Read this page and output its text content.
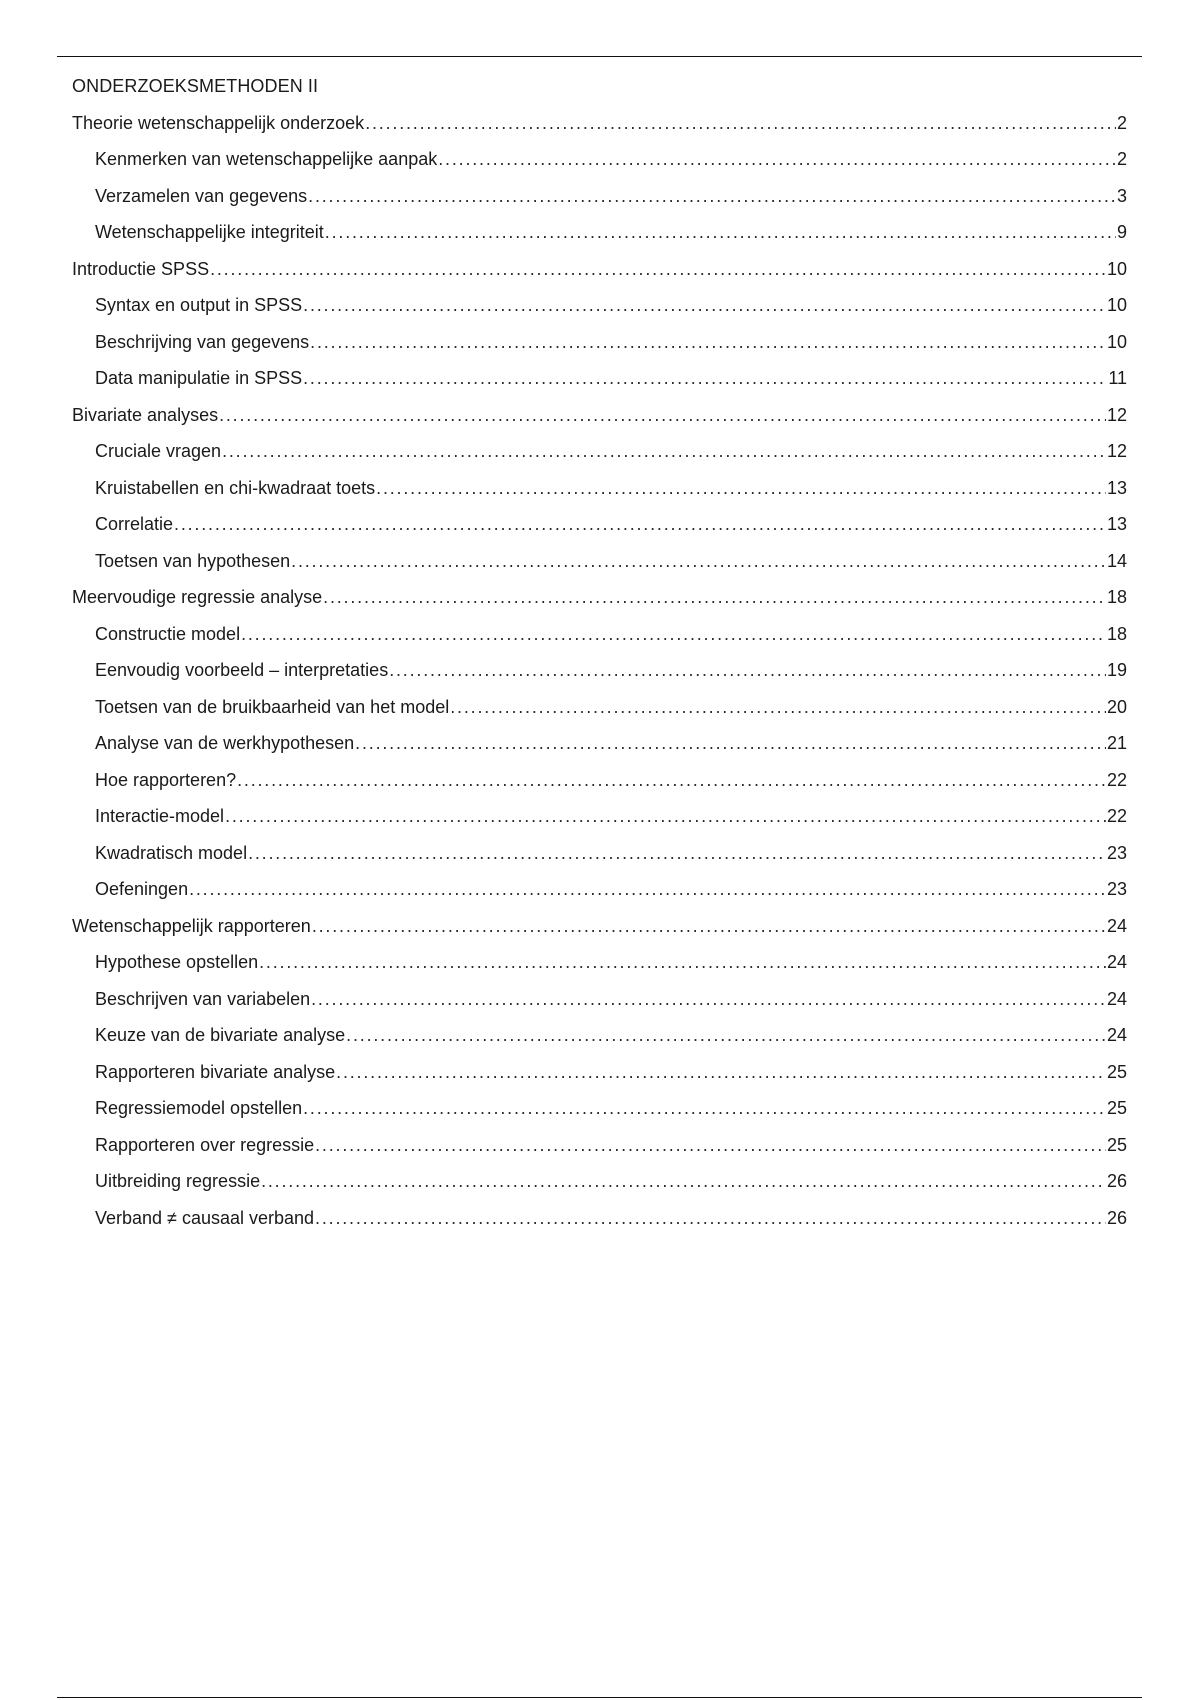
ONDERZOEKSMETHODEN II
Theorie wetenschappelijk onderzoek .....	2
Kenmerken van wetenschappelijke aanpak .....	2
Verzamelen van gegevens .....	3
Wetenschappelijke integriteit .....	9
Introductie SPSS .....	10
Syntax en output in SPSS .....	10
Beschrijving van gegevens .....	10
Data manipulatie in SPSS .....	11
Bivariate analyses .....	12
Cruciale vragen .....	12
Kruistabellen en chi-kwadraat toets .....	13
Correlatie .....	13
Toetsen van hypothesen .....	14
Meervoudige regressie analyse .....	18
Constructie model .....	18
Eenvoudig voorbeeld – interpretaties .....	19
Toetsen van de bruikbaarheid van het model .....	20
Analyse van de werkhypothesen .....	21
Hoe rapporteren? .....	22
Interactie-model .....	22
Kwadratisch model .....	23
Oefeningen .....	23
Wetenschappelijk rapporteren .....	24
Hypothese opstellen .....	24
Beschrijven van variabelen .....	24
Keuze van de bivariate analyse .....	24
Rapporteren bivariate analyse .....	25
Regressiemodel opstellen .....	25
Rapporteren over regressie .....	25
Uitbreiding regressie .....	26
Verband ≠ causaal verband .....	26
